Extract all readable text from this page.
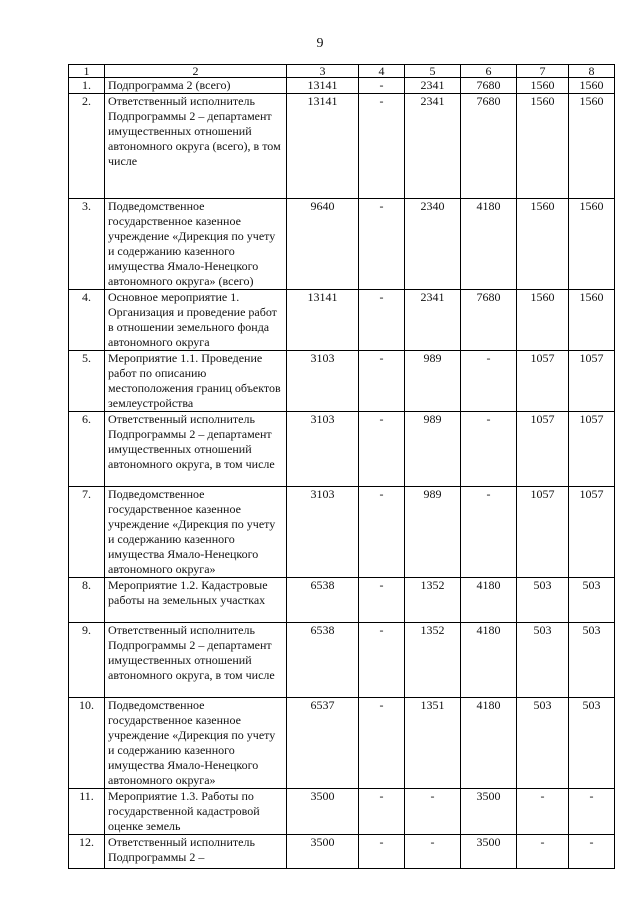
9
1	2	3	4	5	6	7	8
1.	Подпрограмма 2 (всего)	13141	-	2341	7680	1560	1560
2.	Ответственный исполнитель Подпрограммы 2 – департамент имущественных отношений автономного округа (всего), в том числе	13141	-	2341	7680	1560	1560
3.	Подведомственное государственное казенное учреждение «Дирекция по учету и содержанию казенного имущества Ямало-Ненецкого автономного округа» (всего)	9640	-	2340	4180	1560	1560
4.	Основное мероприятие 1. Организация и проведение работ в отношении земельного фонда автономного округа	13141	-	2341	7680	1560	1560
5.	Мероприятие 1.1. Проведение работ по описанию местоположения границ объектов землеустройства	3103	-	989	-	1057	1057
6.	Ответственный исполнитель Подпрограммы 2 – департамент имущественных отношений автономного округа, в том числе	3103	-	989	-	1057	1057
7.	Подведомственное государственное казенное учреждение «Дирекция по учету и содержанию казенного имущества Ямало-Ненецкого автономного округа»	3103	-	989	-	1057	1057
8.	Мероприятие 1.2. Кадастровые работы на земельных участках	6538	-	1352	4180	503	503
9.	Ответственный исполнитель Подпрограммы 2 – департамент имущественных отношений автономного округа, в том числе	6538	-	1352	4180	503	503
10.	Подведомственное государственное казенное учреждение «Дирекция по учету и содержанию казенного имущества Ямало-Ненецкого автономного округа»	6537	-	1351	4180	503	503
11.	Мероприятие 1.3. Работы по государственной кадастровой оценке земель	3500	-	-	3500	-	-
12.	Ответственный исполнитель Подпрограммы 2 –	3500	-	-	3500	-	-
